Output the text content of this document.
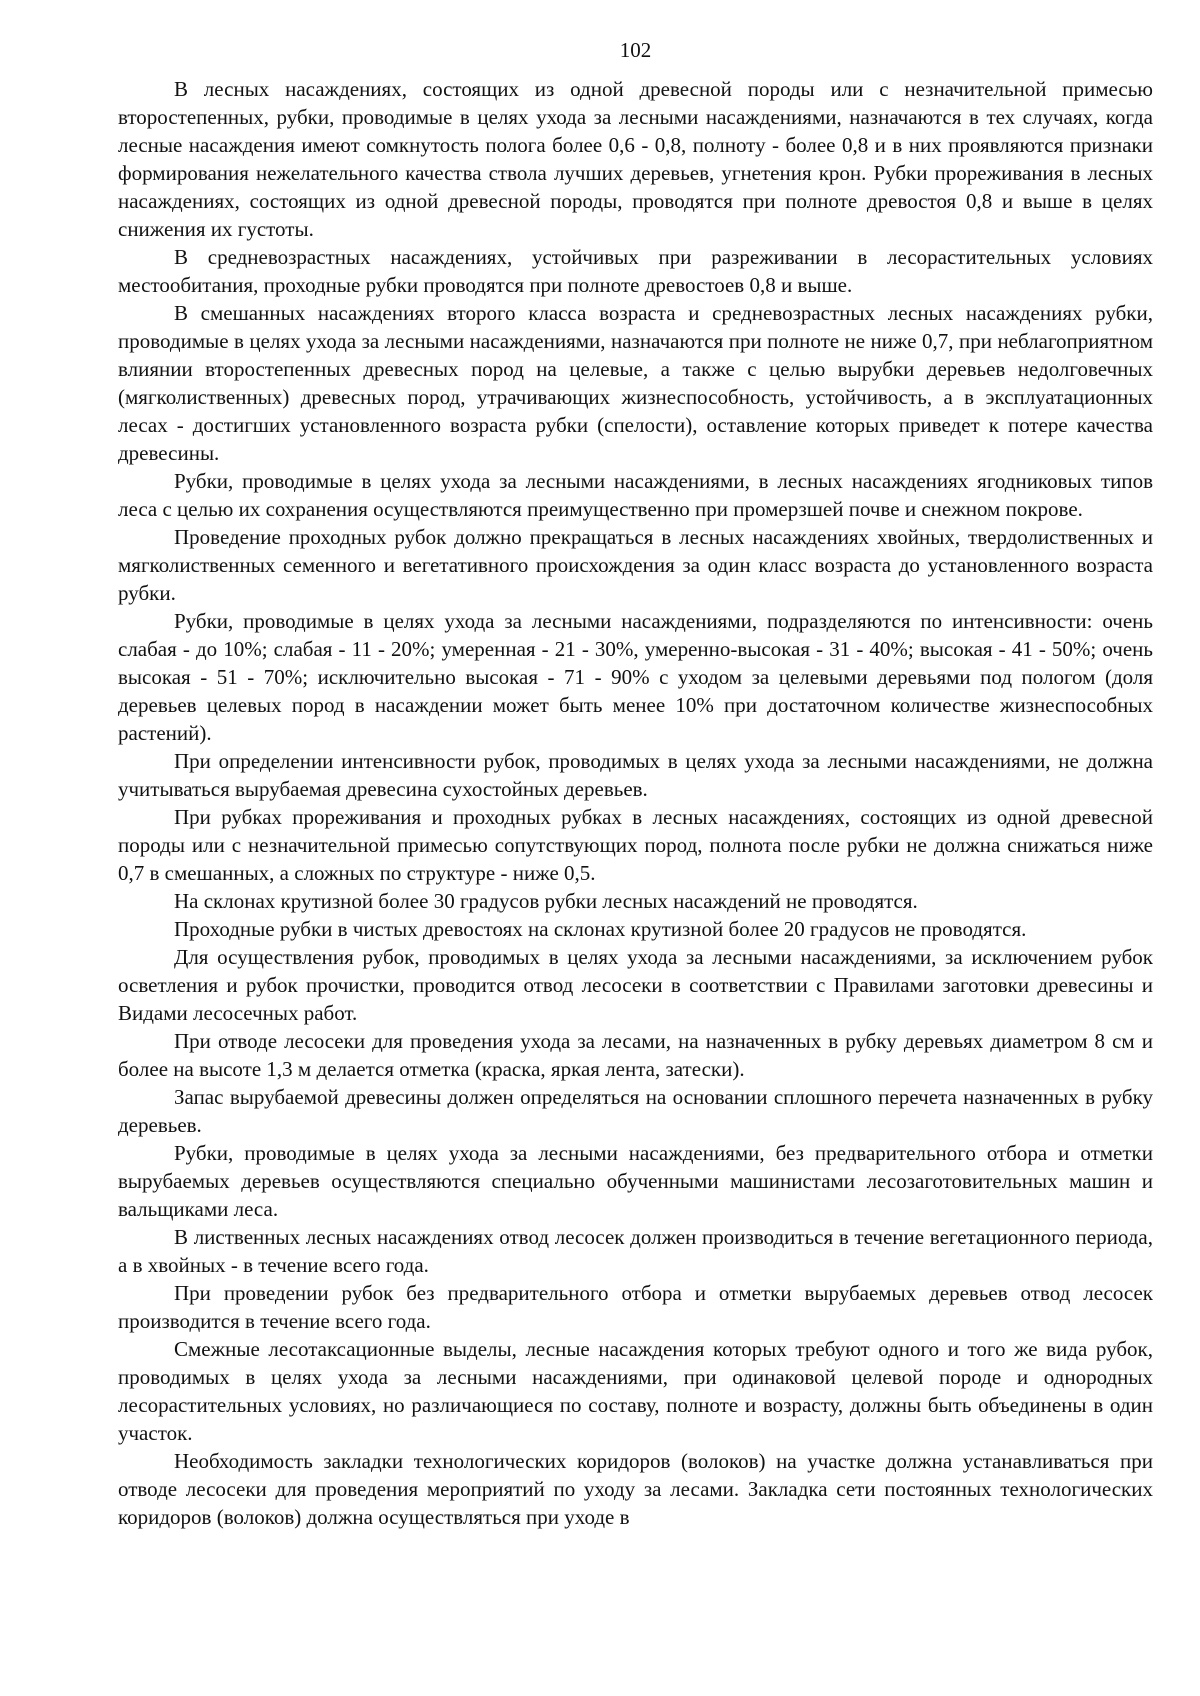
102

В лесных насаждениях, состоящих из одной древесной породы или с незначительной примесью второстепенных, рубки, проводимые в целях ухода за лесными насаждениями, назначаются в тех случаях, когда лесные насаждения имеют сомкнутость полога более 0,6 - 0,8, полноту - более 0,8 и в них проявляются признаки формирования нежелательного качества ствола лучших деревьев, угнетения крон. Рубки прореживания в лесных насаждениях, состоящих из одной древесной породы, проводятся при полноте древостоя 0,8 и выше в целях снижения их густоты.

В средневозрастных насаждениях, устойчивых при разреживании в лесорастительных условиях местообитания, проходные рубки проводятся при полноте древостоев 0,8 и выше.

В смешанных насаждениях второго класса возраста и средневозрастных лесных насаждениях рубки, проводимые в целях ухода за лесными насаждениями, назначаются при полноте не ниже 0,7, при неблагоприятном влиянии второстепенных древесных пород на целевые, а также с целью вырубки деревьев недолговечных (мягколиственных) древесных пород, утрачивающих жизнеспособность, устойчивость, а в эксплуатационных лесах - достигших установленного возраста рубки (спелости), оставление которых приведет к потере качества древесины.

Рубки, проводимые в целях ухода за лесными насаждениями, в лесных насаждениях ягодниковых типов леса с целью их сохранения осуществляются преимущественно при промерзшей почве и снежном покрове.

Проведение проходных рубок должно прекращаться в лесных насаждениях хвойных, твердолиственных и мягколиственных семенного и вегетативного происхождения за один класс возраста до установленного возраста рубки.

Рубки, проводимые в целях ухода за лесными насаждениями, подразделяются по интенсивности: очень слабая - до 10%; слабая - 11 - 20%; умеренная - 21 - 30%, умеренно-высокая - 31 - 40%; высокая - 41 - 50%; очень высокая - 51 - 70%; исключительно высокая - 71 - 90% с уходом за целевыми деревьями под пологом (доля деревьев целевых пород в насаждении может быть менее 10% при достаточном количестве жизнеспособных растений).

При определении интенсивности рубок, проводимых в целях ухода за лесными насаждениями, не должна учитываться вырубаемая древесина сухостойных деревьев.

При рубках прореживания и проходных рубках в лесных насаждениях, состоящих из одной древесной породы или с незначительной примесью сопутствующих пород, полнота после рубки не должна снижаться ниже 0,7 в смешанных, а сложных по структуре - ниже 0,5.

На склонах крутизной более 30 градусов рубки лесных насаждений не проводятся.

Проходные рубки в чистых древостоях на склонах крутизной более 20 градусов не проводятся.

Для осуществления рубок, проводимых в целях ухода за лесными насаждениями, за исключением рубок осветления и рубок прочистки, проводится отвод лесосеки в соответствии с Правилами заготовки древесины и Видами лесосечных работ.

При отводе лесосеки для проведения ухода за лесами, на назначенных в рубку деревьях диаметром 8 см и более на высоте 1,3 м делается отметка (краска, яркая лента, затески).

Запас вырубаемой древесины должен определяться на основании сплошного перечета назначенных в рубку деревьев.

Рубки, проводимые в целях ухода за лесными насаждениями, без предварительного отбора и отметки вырубаемых деревьев осуществляются специально обученными машинистами лесозаготовительных машин и вальщиками леса.

В лиственных лесных насаждениях отвод лесосек должен производиться в течение вегетационного периода, а в хвойных - в течение всего года.

При проведении рубок без предварительного отбора и отметки вырубаемых деревьев отвод лесосек производится в течение всего года.

Смежные лесотаксационные выделы, лесные насаждения которых требуют одного и того же вида рубок, проводимых в целях ухода за лесными насаждениями, при одинаковой целевой породе и однородных лесорастительных условиях, но различающиеся по составу, полноте и возрасту, должны быть объединены в один участок.

Необходимость закладки технологических коридоров (волоков) на участке должна устанавливаться при отводе лесосеки для проведения мероприятий по уходу за лесами. Закладка сети постоянных технологических коридоров (волоков) должна осуществляться при уходе в
